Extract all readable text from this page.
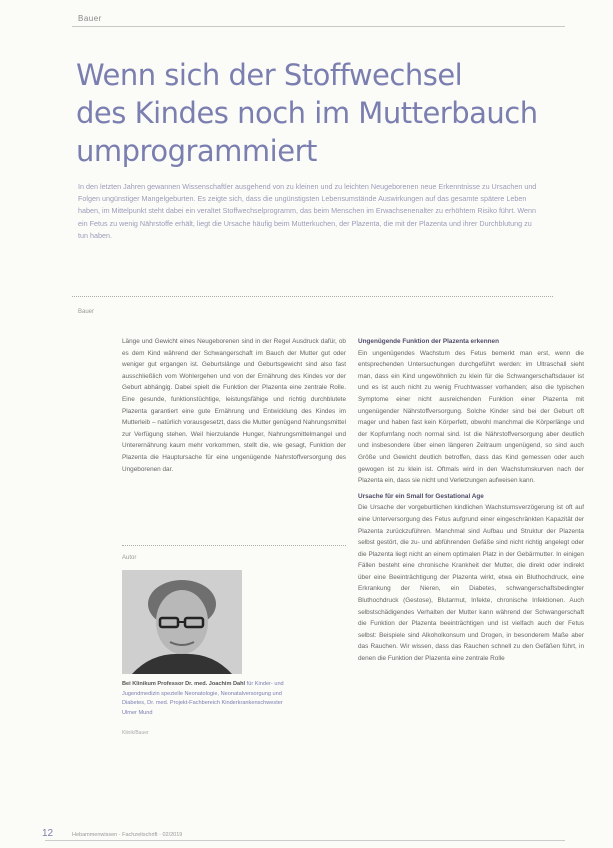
Bauer
Wenn sich der Stoffwechsel
des Kindes noch im Mutterbauch
umprogrammiert

In den letzten Jahren gewannen Wissenschaftler ausgehend von zu kleinen und zu leichten Neugeborenen neue Erkenntnisse zu Ursachen und Folgen ungünstiger Mangelgeburten. Es zeigte sich, dass die ungünstigsten Lebensumstände Auswirkungen auf das gesamte spätere Leben haben, im Mittelpunkt steht dabei ein veraltet Stoffwechselprogramm, das beim Menschen im Erwachsenenalter zu erhöhtem Risiko führt. Wenn ein Fetus zu wenig Nährstoffe erhält, liegt die Ursache häufig beim Mutterkuchen, der Plazenta, die mit der Plazenta und ihrer Durchblutung zu tun haben.

Bauer
Länge und Gewicht eines Neugeborenen sind in der Regel Ausdruck dafür, ob es dem Kind während der Schwangerschaft im Bauch der Mutter gut oder weniger gut ergangen ist. Geburtslänge und Geburtsgewicht sind also fast ausschließlich vom Wohlergehen und von der Ernährung des Kindes vor der Geburt abhängig. Dabei spielt die Funktion der Plazenta eine zentrale Rolle. Eine gesunde, funktionstüchtige, leistungsfähige und richtig durchblutete Plazenta garantiert eine gute Ernährung und Entwicklung des Kindes im Mutterleib – natürlich vorausgesetzt, dass die Mutter genügend Nahrungsmittel zur Verfügung stehen. Weil hierzulande Hunger, Nahrungsmittelmangel und Unterernährung kaum mehr vorkommen, stellt die, wie gesagt, Funktion der Plazenta die Hauptursache für eine ungenügende Nahrstoffversorgung des Ungeborenen dar.
Ungenügende Funktion der Plazenta erkennen
Ein ungenügendes Wachstum des Fetus bemerkt man erst, wenn die entsprechenden Untersuchungen durchgeführt werden: im Ultraschall sieht man, dass ein Kind ungewöhnlich zu klein für die Schwangerschaftsdauer ist und es ist auch nicht zu wenig Fruchtwasser vorhanden; also die typischen Symptome einer nicht ausreichenden Funktion einer Plazenta mit ungenügender Nährstoffversorgung. Solche Kinder sind bei der Geburt oft mager und haben fast kein Körperfett, obwohl manchmal die Körperlänge und der Kopfumfang noch normal sind. Ist die Nährstoffversorgung aber deutlich und insbesondere über einen längeren Zeitraum ungenügend, so sind auch Größe und Gewicht deutlich betroffen, dass das Kind gemessen oder auch gewogen ist zu klein ist. Oftmals wird in den Wachstumskurven nach der Plazenta ein, dass sie nicht und Verletzungen aufweisen kann.
Ursache für ein Small for Gestational Age
Die Ursache der vorgeburtlichen kindlichen Wachstumsverzögerung ist oft auf eine Unterversorgung des Fetus aufgrund einer eingeschränkten Kapazität der Plazenta zurückzuführen. Manchmal sind Aufbau und Struktur der Plazenta selbst gestört, die zu- und abführenden Gefäße sind nicht richtig angelegt oder die Plazenta liegt nicht an einem optimalen Platz in der Gebärmutter. In einigen Fällen besteht eine chronische Krankheit der Mutter, die direkt oder indirekt über eine Beeinträchtigung der Plazenta wirkt, etwa ein Bluthochdruck, eine Erkrankung der Nieren, ein Diabetes, schwangerschaftsbedingter Bluthochdruck (Gestose), Blutarmut, Infekte, chronische Infektionen. Auch selbstschädigendes Verhalten der Mutter kann während der Schwangerschaft die Funktion der Plazenta beeinträchtigen und ist vielfach auch der Fetus selbst: Beispiele sind Alkoholkonsum und Drogen, in besonderem Maße aber das Rauchen. Wir wissen, dass das Rauchen schnell zu den Gefäßen führt, in denen die Funktion der Plazenta eine zentrale Rolle
Autor
Bei Klinikum Professor Dr. med. Joachim Dahl für Kinder- und Jugendmedizin spezielle Neonatologie, Neonatalversorgung und Diabetes, Dr. med. Projekt-Fachbereich Kinderkrankenschwester Ulmer Mund
Klinik/Bauer
12	Hebammenwissen · Fachzeitschrift · 02/2019
